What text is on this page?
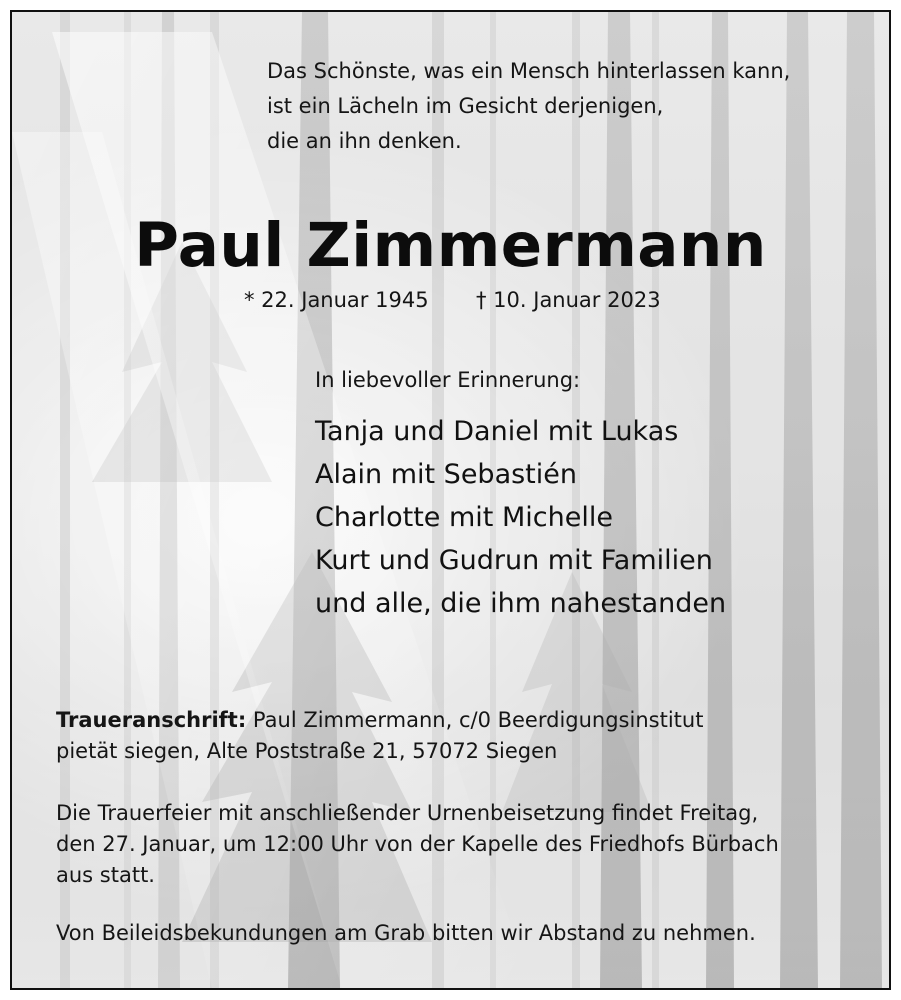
Das Schönste, was ein Mensch hinterlassen kann,
ist ein Lächeln im Gesicht derjenigen,
die an ihn denken.
Paul Zimmermann
* 22. Januar 1945 † 10. Januar 2023
In liebevoller Erinnerung:
Tanja und Daniel mit Lukas
Alain mit Sebastién
Charlotte mit Michelle
Kurt und Gudrun mit Familien
und alle, die ihm nahestanden
Traueranschrift: Paul Zimmermann, c/0 Beerdigungsinstitut
pietät siegen, Alte Poststraße 21, 57072 Siegen
Die Trauerfeier mit anschließender Urnenbeisetzung findet Freitag,
den 27. Januar, um 12:00 Uhr von der Kapelle des Friedhofs Bürbach
aus statt.
Von Beileidsbekundungen am Grab bitten wir Abstand zu nehmen.
